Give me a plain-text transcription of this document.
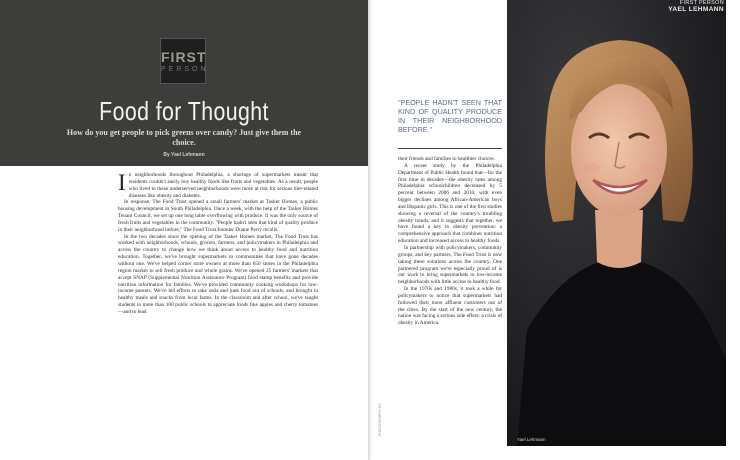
FIRST
PERSON
Food for Thought
How do you get people to pick greens over candy? Just give them the choice.
By Yael Lehmann

In neighborhoods throughout Philadelphia, a shortage of supermarkets meant that residents couldn't easily buy healthy foods like fruits and vegetables. As a result, people who lived in these underserved neighborhoods were more at risk for serious diet-related diseases like obesity and diabetes.

In response, The Food Trust opened a small farmers' market at Tasker Homes, a public housing development in South Philadelphia. Once a week, with the help of the Tasker Homes Tenant Council, we set up one long table overflowing with produce. It was the only source of fresh fruits and vegetables in the community. "People hadn't seen that kind of quality produce in their neighborhood before," The Food Trust founder Duane Perry recalls.

In the two decades since the opening of the Tasker Homes market, The Food Trust has worked with neighborhoods, schools, grocers, farmers, and policymakers in Philadelphia and across the country to change how we think about access to healthy food and nutrition education. Together, we've brought supermarkets to communities that have gone decades without one. We've helped corner store owners at more than 650 stores in the Philadelphia region market to sell fresh produce and whole grains. We've opened 25 farmers' markets that accept SNAP (Supplemental Nutrition Assistance Program) food stamp benefits and provide nutrition information for families. We've provided community cooking workshops for low-income parents. We've led efforts to take soda and junk food out of schools, and brought in healthy meals and snacks from local farms. In the classroom and after school, we've taught students in more than 100 public schools to appreciate foods like apples and cherry tomatoes—and to lead

"PEOPLE HADN'T SEEN THAT KIND OF QUALITY PRODUCE IN THEIR NEIGHBORHOOD BEFORE."

their friends and families to healthier choices.

A recent study by the Philadelphia Department of Public Health found that—for the first time in decades—the obesity rates among Philadelphia schoolchildren decreased by 5 percent between 2006 and 2010, with even bigger declines among African-American boys and Hispanic girls. This is one of the first studies showing a reversal of the country's troubling obesity trends, and it suggests that together, we have found a key to obesity prevention: a comprehensive approach that combines nutrition education and increased access to healthy foods.

In partnership with policymakers, community groups, and key partners, The Food Trust is now taking these solutions across the country. One partnered program we're especially proud of is our work to bring supermarkets to low-income neighborhoods with little access to healthy food.

In the 1970s and 1980s, it took a while for policymakers to notice that supermarkets had followed their more affluent customers out of the cities. By the start of the new century, the nation was facing a serious side effect: a crisis of obesity in America.

PHOTOGRAPHY BY
FIRST PERSON
YAEL LEHMANN
Yael Lehmann
